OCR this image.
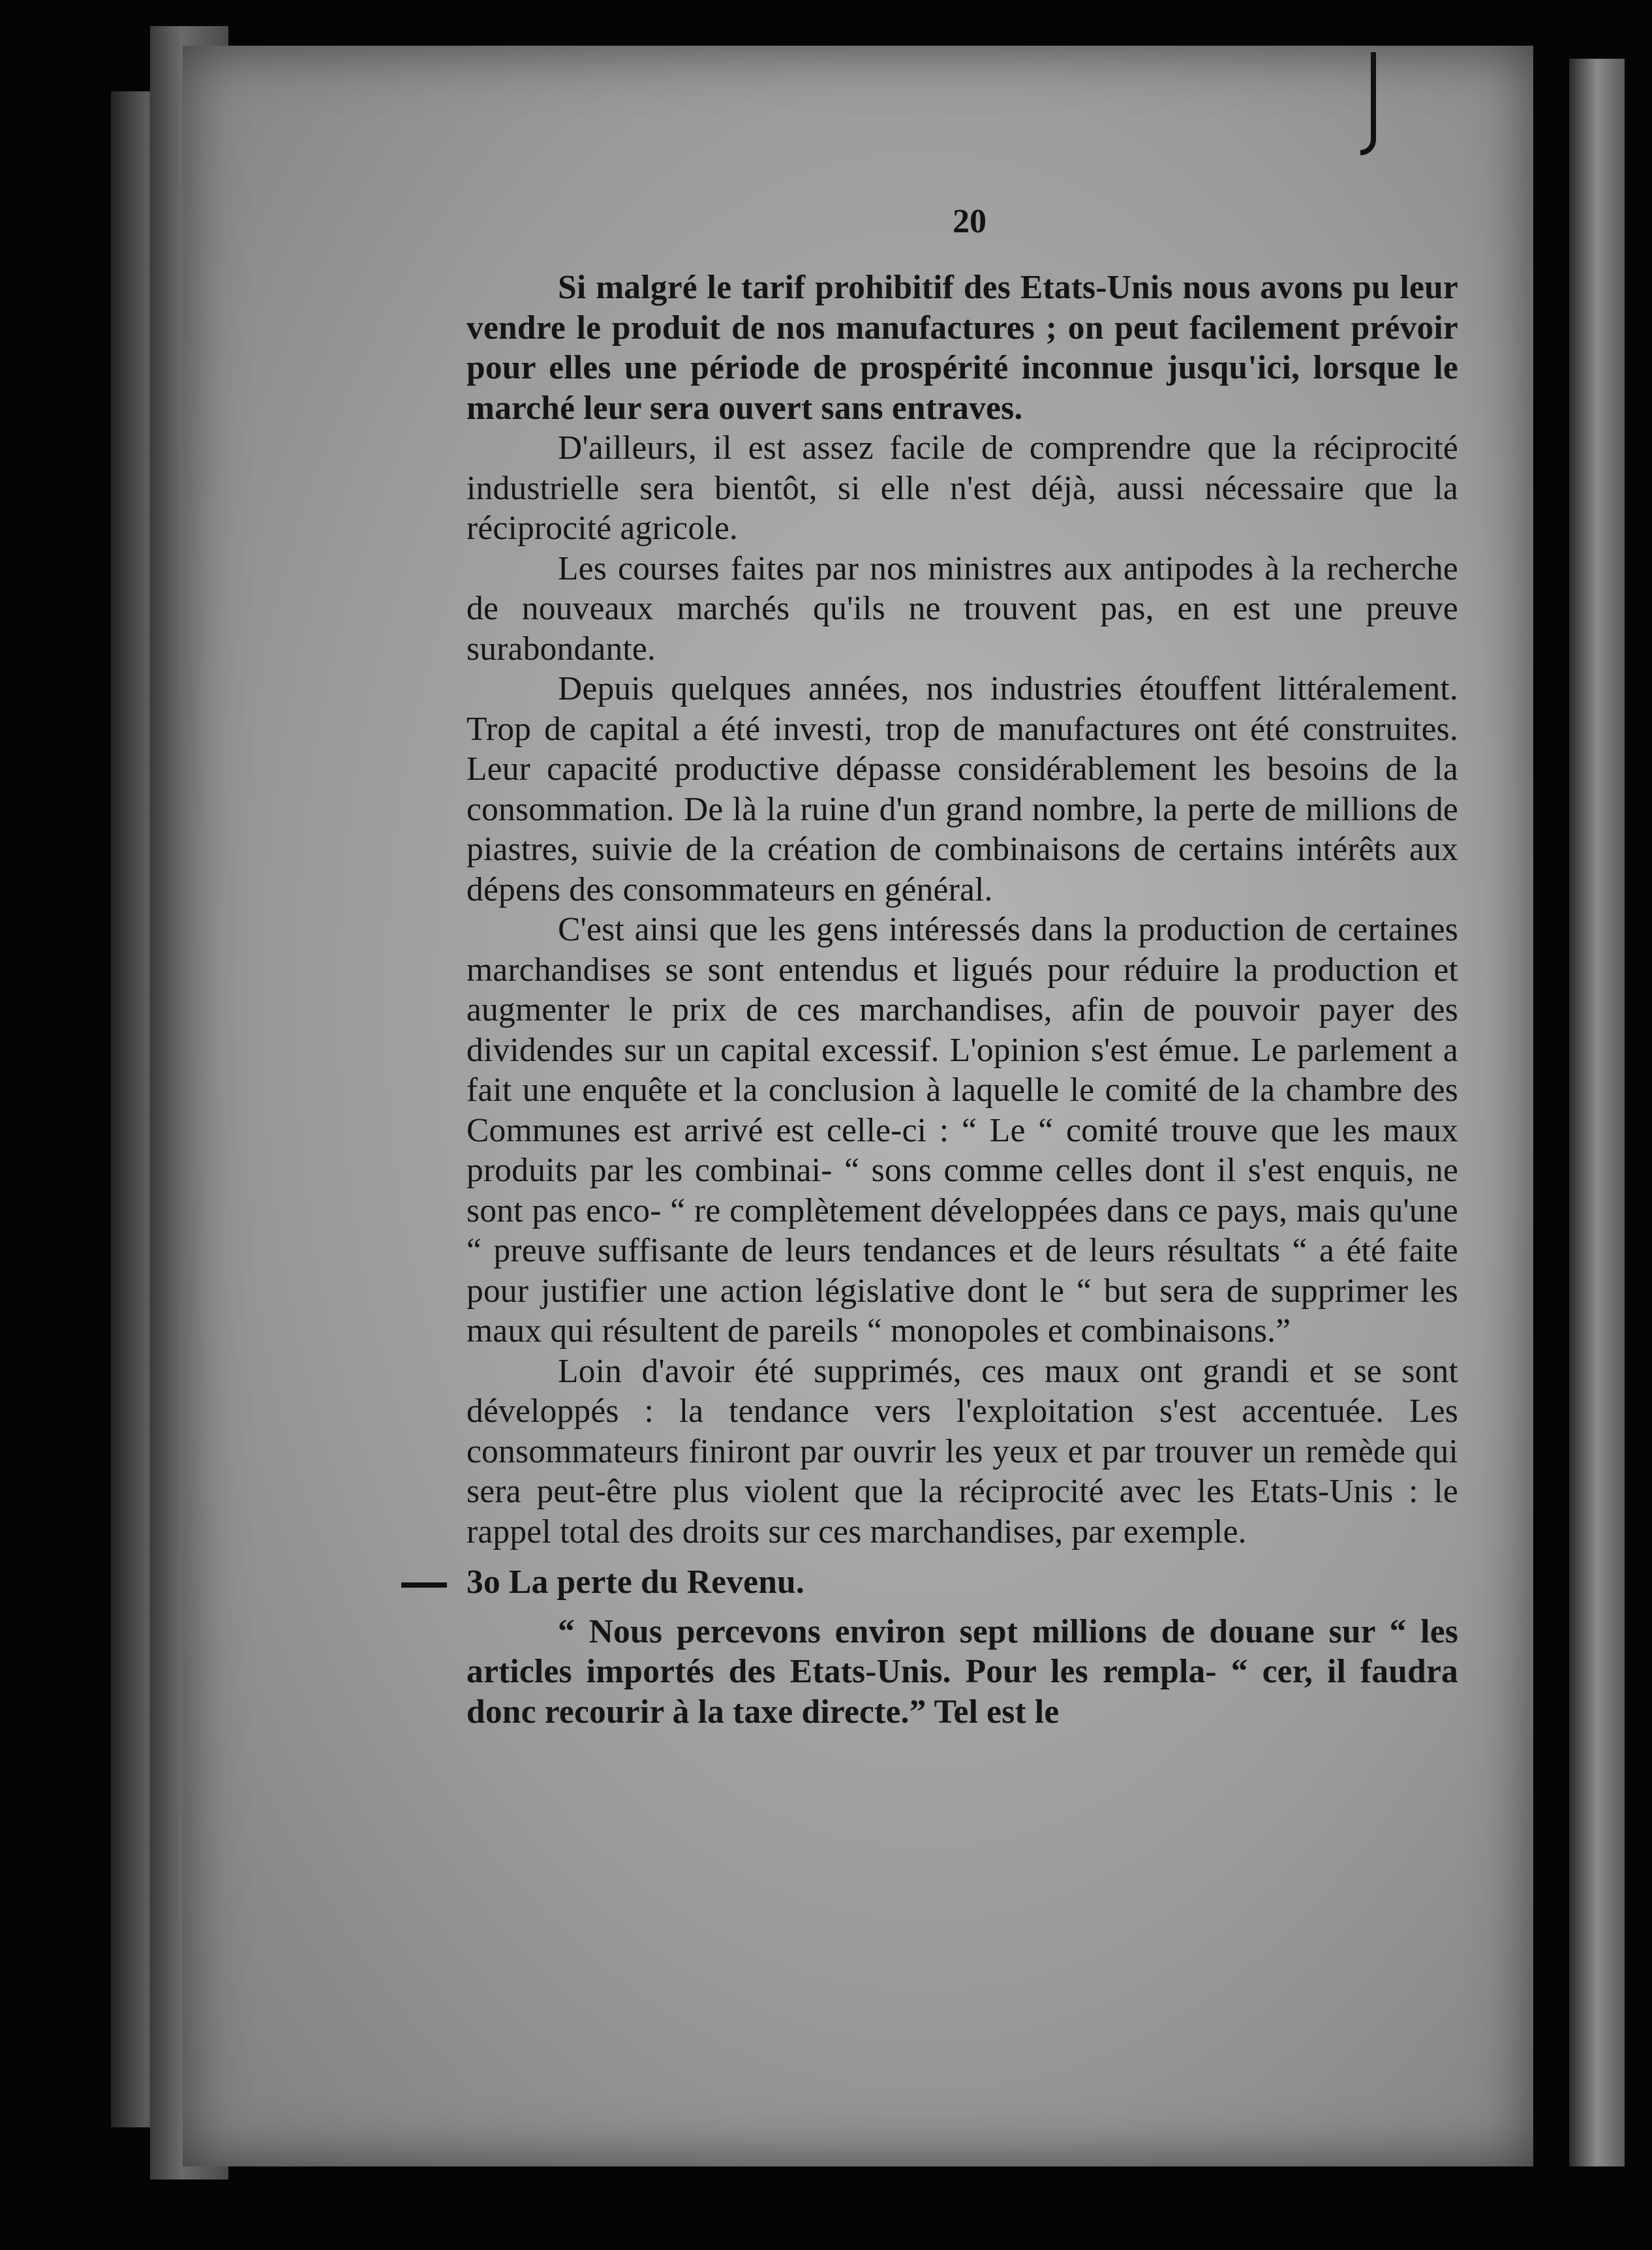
20

Si malgré le tarif prohibitif des Etats-Unis nous avons pu leur vendre le produit de nos manufactures ; on peut facilement prévoir pour elles une période de prospérité inconnue jusqu'ici, lorsque le marché leur sera ouvert sans entraves.

D'ailleurs, il est assez facile de comprendre que la réciprocité industrielle sera bientôt, si elle n'est déjà, aussi nécessaire que la réciprocité agricole.

Les courses faites par nos ministres aux antipodes à la recherche de nouveaux marchés qu'ils ne trouvent pas, en est une preuve surabondante.

Depuis quelques années, nos industries étouffent littéralement. Trop de capital a été investi, trop de manufactures ont été construites. Leur capacité productive dépasse considérablement les besoins de la consommation. De là la ruine d'un grand nombre, la perte de millions de piastres, suivie de la création de combinaisons de certains intérêts aux dépens des consommateurs en général.

C'est ainsi que les gens intéressés dans la production de certaines marchandises se sont entendus et ligués pour réduire la production et augmenter le prix de ces marchandises, afin de pouvoir payer des dividendes sur un capital excessif. L'opinion s'est émue. Le parlement a fait une enquête et la conclusion à laquelle le comité de la chambre des Communes est arrivé est celle-ci : “ Le “ comité trouve que les maux produits par les combinai- “ sons comme celles dont il s'est enquis, ne sont pas enco- “ re complètement développées dans ce pays, mais qu'une “ preuve suffisante de leurs tendances et de leurs résultats “ a été faite pour justifier une action législative dont le “ but sera de supprimer les maux qui résultent de pareils “ monopoles et combinaisons.”

Loin d'avoir été supprimés, ces maux ont grandi et se sont développés : la tendance vers l'exploitation s'est accentuée. Les consommateurs finiront par ouvrir les yeux et par trouver un remède qui sera peut-être plus violent que la réciprocité avec les Etats-Unis : le rappel total des droits sur ces marchandises, par exemple.

3o La perte du Revenu.

“ Nous percevons environ sept millions de douane sur “ les articles importés des Etats-Unis. Pour les rempla- “ cer, il faudra donc recourir à la taxe directe.” Tel est le
